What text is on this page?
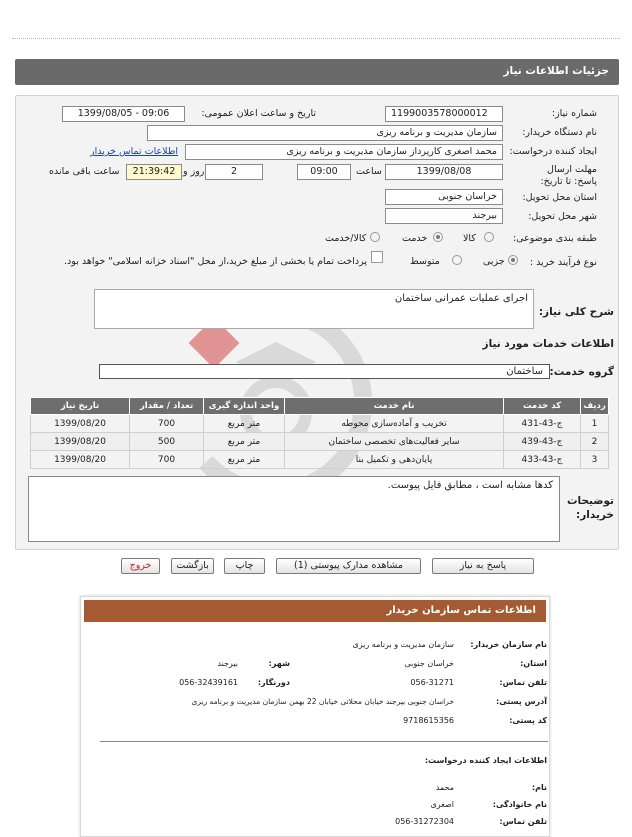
جزئیات اطلاعات نیاز
شماره نیاز:
1199003578000012
تاریخ و ساعت اعلان عمومی:
1399/08/05 - 09:06
نام دستگاه خریدار:
سازمان مدیریت و برنامه ریزی
ایجاد کننده درخواست:
محمد اصغری کارپرداز سازمان مدیریت و برنامه ریزی
اطلاعات تماس خریدار
مهلت ارسال پاسخ: تا تاریخ:
1399/08/08
ساعت
09:00
2
روز و
21:39:42
ساعت باقی مانده
استان محل تحویل:
خراسان جنوبی
شهر محل تحویل:
بیرجند
طبقه بندی موضوعی:
کالا
خدمت
کالا/خدمت
نوع فرآیند خرید :
جزیی
متوسط
پرداخت تمام یا بخشی از مبلغ خرید،از محل "اسناد خزانه اسلامی" خواهد بود.
شرح کلی نیاز:
اجرای عملیات عمرانی ساختمان
اطلاعات خدمات مورد نیاز
گروه خدمت:
ساختمان
ردیف	کد خدمت	نام خدمت	واحد اندازه گیری	تعداد / مقدار	تاریخ نیاز
1	ج-43-431	تخریب و آماده‌سازی محوطه	متر مربع	700	1399/08/20
2	ج-43-439	سایر فعالیت‌های تخصصی ساختمان	متر مربع	500	1399/08/20
3	ج-43-433	پایان‌دهی و تکمیل بنا	متر مربع	700	1399/08/20
توضیحات خریدار:
کدها مشابه است ، مطابق فایل پیوست.
پاسخ به نیاز
مشاهده مدارک پیوستی (1)
چاپ
بازگشت
خروج
اطلاعات تماس سازمان خریدار
نام سازمان خریدار:
سازمان مدیریت و برنامه ریزی
استان:
خراسان جنوبی
شهر:
بیرجند
تلفن تماس:
056-31271
دورنگار:
056-32439161
آدرس پستی:
خراسان جنوبی بیرجند خیابان محلاتی خیابان 22 بهمن سازمان مدیریت و برنامه ریزی
کد پستی:
9718615356
اطلاعات ایجاد کننده درخواست:
نام:
محمد
نام خانوادگی:
اصغری
تلفن تماس:
056-31272304
